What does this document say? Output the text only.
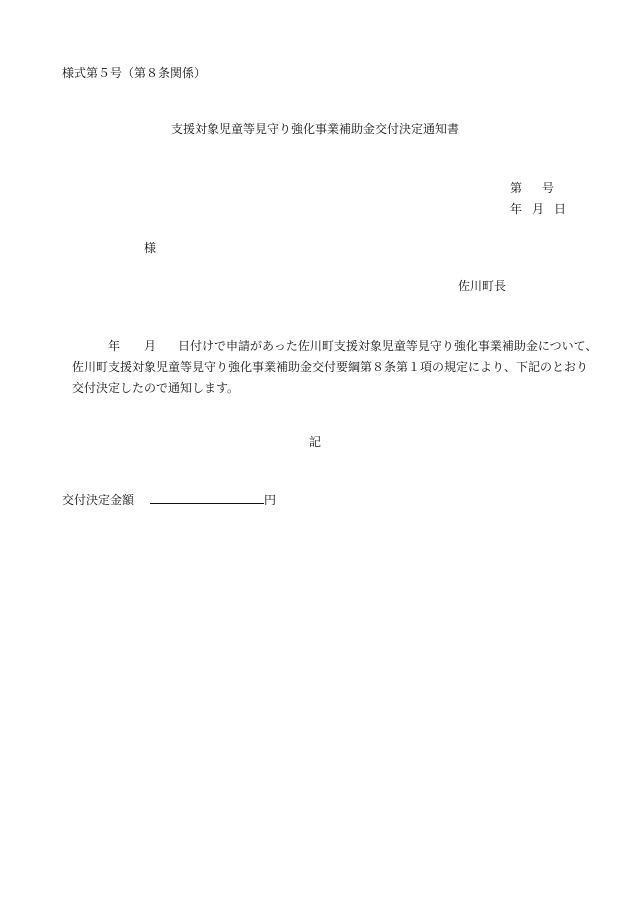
様式第５号（第８条関係）
支援対象児童等見守り強化事業補助金交付決定通知書
第 号
年 月 日
様
佐川町長
年 月 日付けで申請があった佐川町支援対象児童等見守り強化事業補助金について、
佐川町支援対象児童等見守り強化事業補助金交付要綱第８条第１項の規定により、下記のとおり
交付決定したので通知します。
記
交付決定金額	円
